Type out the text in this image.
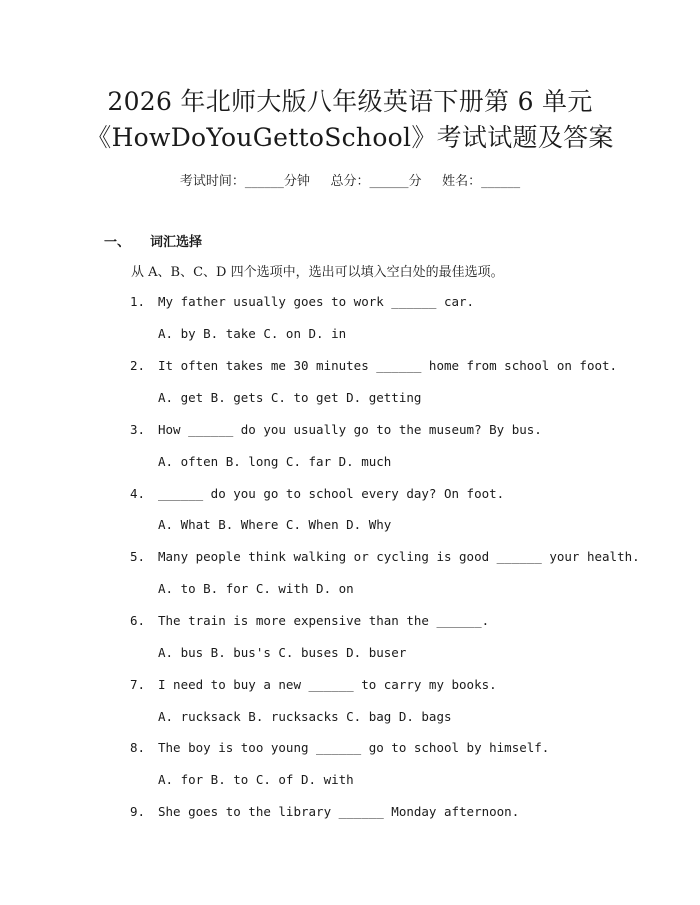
2026 年北师大版八年级英语下册第 6 单元
《HowDoYouGettoSchool》考试试题及答案
考试时间：______分钟     总分：______分     姓名：______
一、 词汇选择
从 A、B、C、D 四个选项中，选出可以填入空白处的最佳选项。
1. My father usually goes to work ______ car.
A. by B. take C. on D. in
2. It often takes me 30 minutes ______ home from school on foot.
A. get B. gets C. to get D. getting
3. How ______ do you usually go to the museum? By bus.
A. often B. long C. far D. much
4. ______ do you go to school every day? On foot.
A. What B. Where C. When D. Why
5. Many people think walking or cycling is good ______ your health.
A. to B. for C. with D. on
6. The train is more expensive than the ______.
A. bus B. bus's C. buses D. buser
7. I need to buy a new ______ to carry my books.
A. rucksack B. rucksacks C. bag D. bags
8. The boy is too young ______ go to school by himself.
A. for B. to C. of D. with
9. She goes to the library ______ Monday afternoon.
